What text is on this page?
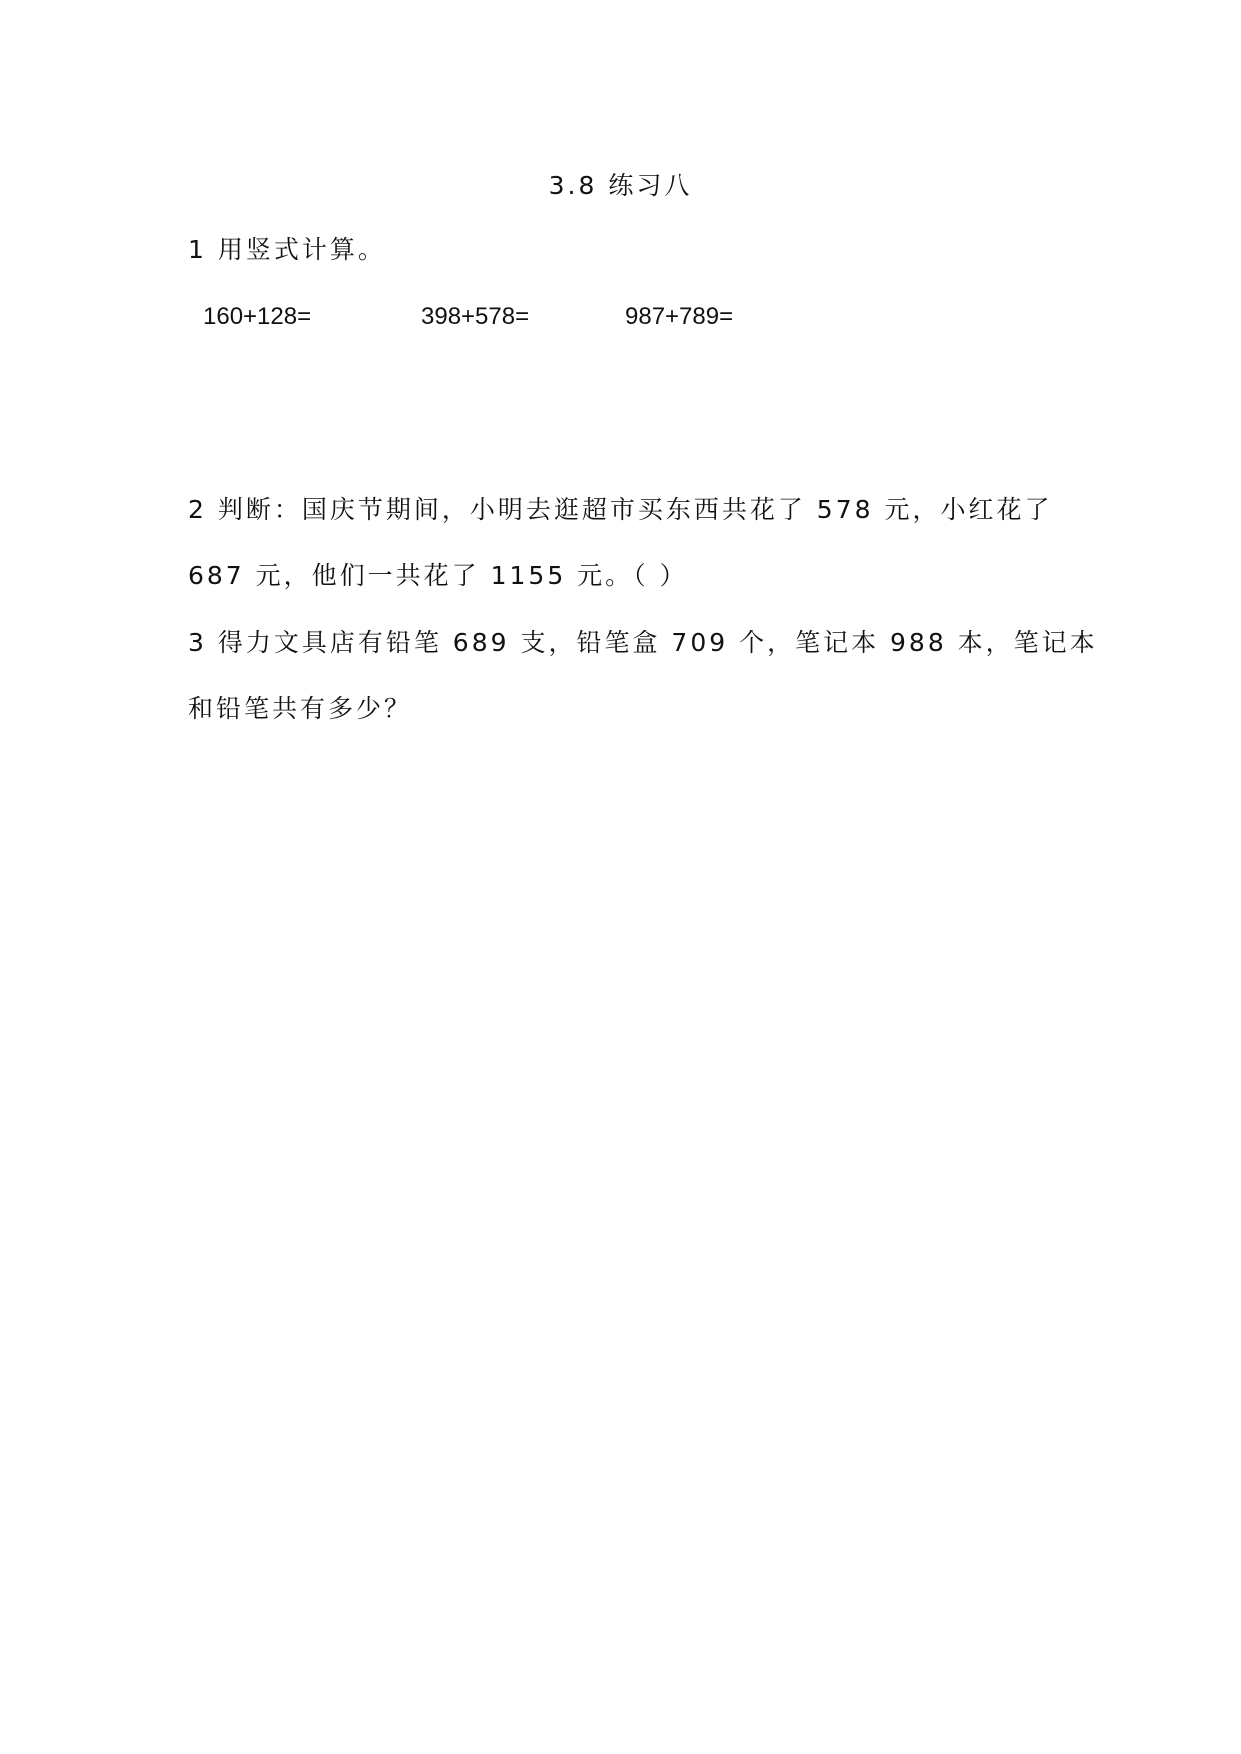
3.8 练习八
1 用竖式计算。
160+128=	398+578=	987+789=
2 判断：国庆节期间，小明去逛超市买东西共花了 578 元，小红花了
687 元，他们一共花了 1155 元。（ ）
3 得力文具店有铅笔 689 支，铅笔盒 709 个，笔记本 988 本，笔记本
和铅笔共有多少？
